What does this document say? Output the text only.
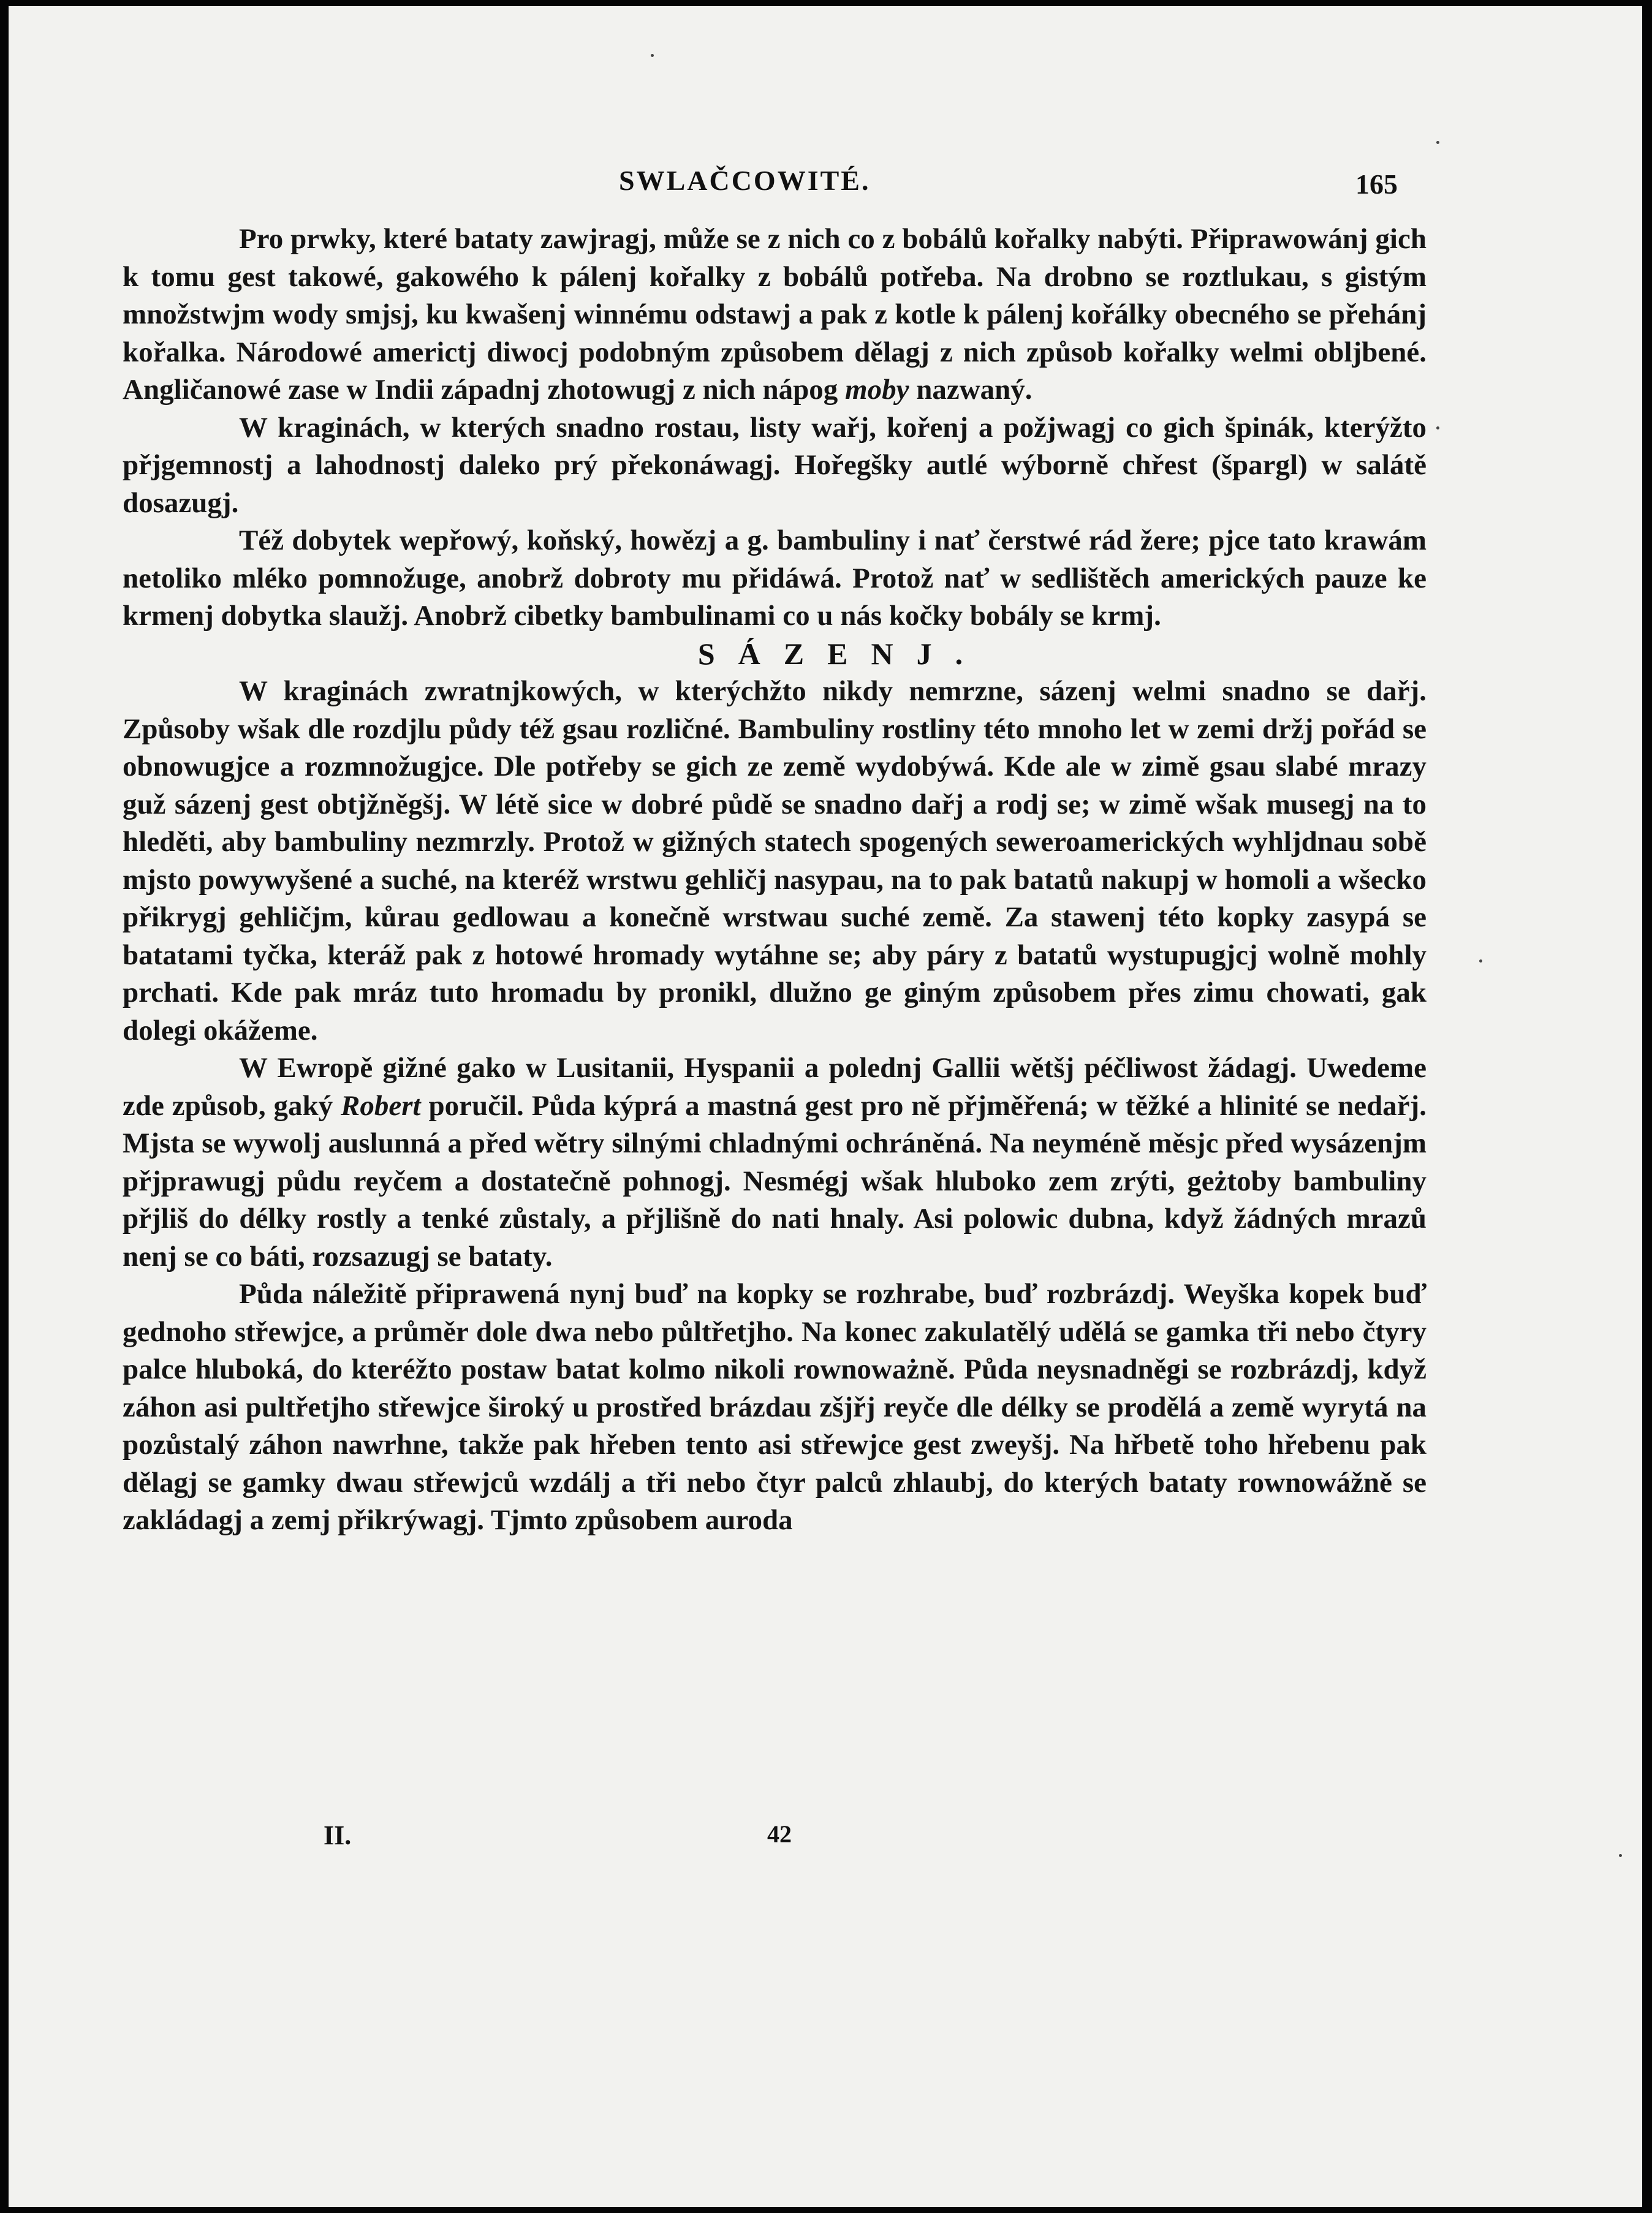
SWLAČCOWITÉ.	165

Pro prwky, které bataty zawjragj, může se z nich co z bobálů kořalky nabýti. Připrawowánj gich k tomu gest takowé, gakowého k pálenj kořalky z bobálů potřeba. Na drobno se roztlukau, s gistým množstwjm wody smjsj, ku kwašenj winnému odstawj a pak z kotle k pálenj kořálky obecného se přehánj kořalka. Národowé americtj diwocj podobným způsobem dělagj z nich způsob kořalky welmi obljbené. Angličanowé zase w Indii západnj zhotowugj z nich nápog moby nazwaný.

W kraginách, w kterých snadno rostau, listy wařj, kořenj a požjwagj co gich špinák, kterýžto přjgemnostj a lahodnostj daleko prý překonáwagj. Hořegšky autlé wýborně chřest (špargl) w salátě dosazugj.

Též dobytek wepřowý, koňský, howězj a g. bambuliny i nať čerstwé rád žere; pjce tato krawám netoliko mléko pomnožuge, anobrž dobroty mu přidáwá. Protož nať w sedlištěch amerických pauze ke krmenj dobytka slaužj. Anobrž cibetky bambulinami co u nás kočky bobály se krmj.

SÁZENJ.

W kraginách zwratnjkowých, w kterýchžto nikdy nemrzne, sázenj welmi snadno se dařj. Způsoby wšak dle rozdjlu půdy též gsau rozličné. Bambuliny rostliny této mnoho let w zemi držj pořád se obnowugjce a rozmnožugjce. Dle potřeby se gich ze země wydobýwá. Kde ale w zimě gsau slabé mrazy guž sázenj gest obtjžněgšj. W létě sice w dobré půdě se snadno dařj a rodj se; w zimě wšak musegj na to hleděti, aby bambuliny nezmrzly. Protož w gižných statech spogených seweroamerických wyhljdnau sobě mjsto powywyšené a suché, na kteréž wrstwu gehličj nasypau, na to pak batatů nakupj w homoli a wšecko přikrygj gehličjm, kůrau gedlowau a konečně wrstwau suché země. Za stawenj této kopky zasypá se batatami tyčka, kteráž pak z hotowé hromady wytáhne se; aby páry z batatů wystupugjcj wolně mohly prchati. Kde pak mráz tuto hromadu by pronikl, dlužno ge giným způsobem přes zimu chowati, gak dolegi okážeme.

W Ewropě gižné gako w Lusitanii, Hyspanii a polednj Gallii wětšj péčliwost žádagj. Uwedeme zde způsob, gaký Robert poručil. Půda kýprá a mastná gest pro ně přjměřená; w těžké a hlinité se nedařj. Mjsta se wywolj auslunná a před wětry silnými chladnými ochráněná. Na neyméně měsjc před wysázenjm přjprawugj půdu reyčem a dostatečně pohnogj. Nesmégj wšak hluboko zem zrýti, geżtoby bambuliny přjliš do délky rostly a tenké zůstaly, a přjlišně do nati hnaly. Asi polowic dubna, když žádných mrazů nenj se co báti, rozsazugj se bataty.

Půda náležitě připrawená nynj buď na kopky se rozhrabe, buď rozbrázdj. Weyška kopek buď gednoho střewjce, a průměr dole dwa nebo půltřetjho. Na konec zakulatělý udělá se gamka tři nebo čtyry palce hluboká, do kteréžto postaw batat kolmo nikoli rownoważně. Půda neysnadněgi se rozbrázdj, když záhon asi pultřetjho střewjce široký u prostřed brázdau zšjřj reyče dle délky se prodělá a země wyrytá na pozůstalý záhon nawrhne, takže pak hřeben tento asi střewjce gest zweyšj. Na hřbetě toho hřebenu pak dělagj se gamky dwau střewjců wzdálj a tři nebo čtyr palců zhlaubj, do kterých bataty rownowážně se zakládagj a zemj přikrýwagj. Tjmto způsobem auroda

II.	42
